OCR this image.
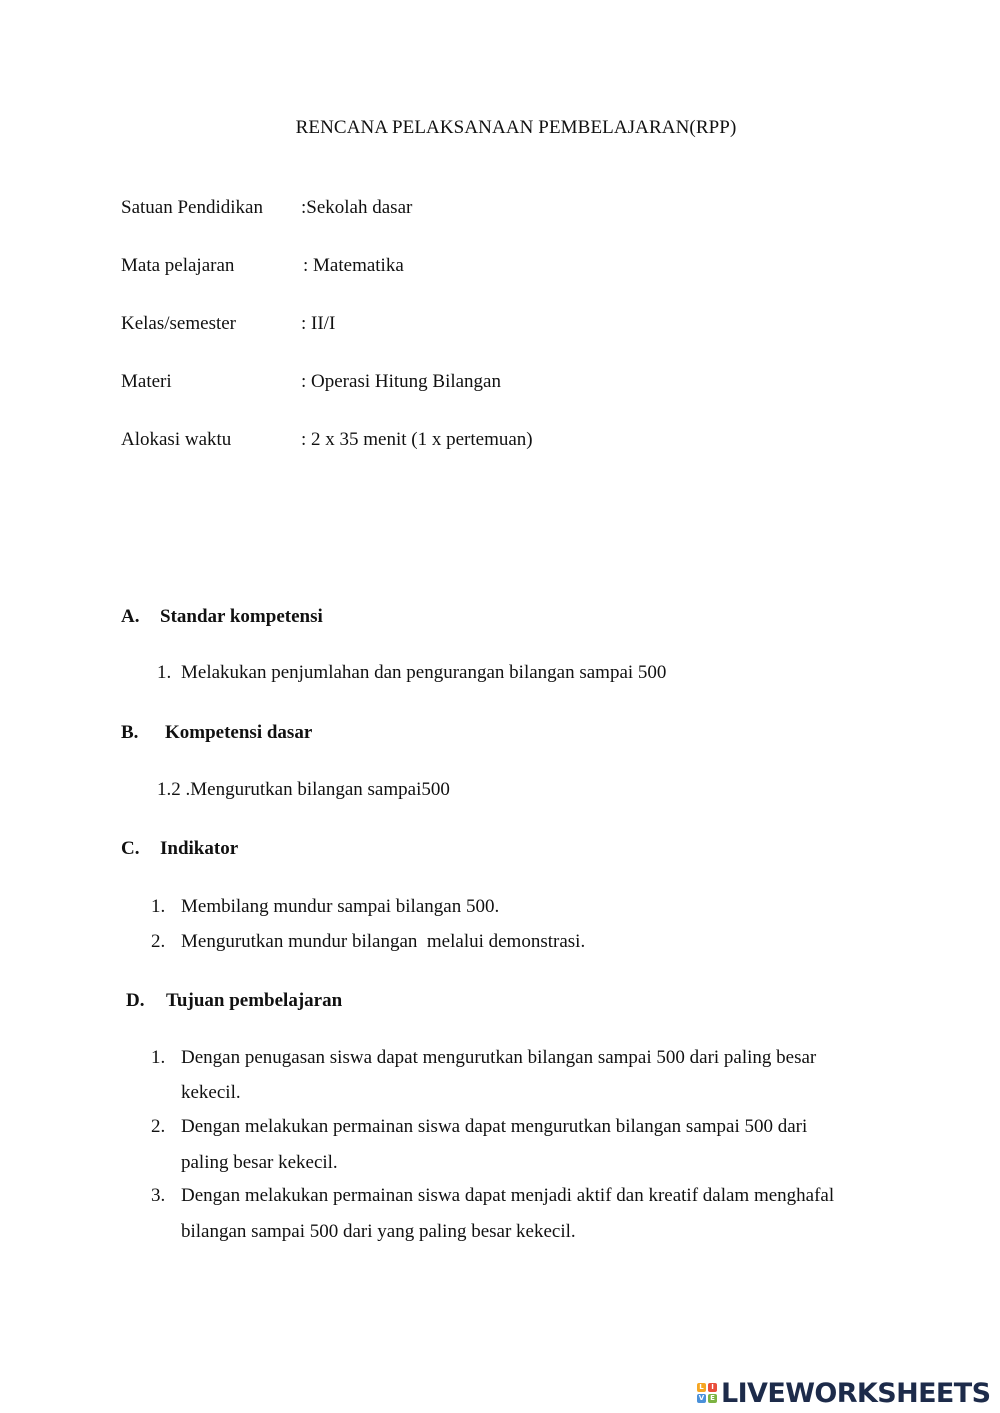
RENCANA PELAKSANAAN PEMBELAJARAN(RPP)
Satuan Pendidikan :Sekolah dasar
Mata pelajaran	: Matematika
Kelas/semester	: II/I
Materi	: Operasi Hitung Bilangan
Alokasi waktu	: 2 x 35 menit (1 x pertemuan)
A. Standar kompetensi
1. Melakukan penjumlahan dan pengurangan bilangan sampai 500
B. Kompetensi dasar
1.2 .Mengurutkan bilangan sampai500
C. Indikator
1. Membilang mundur sampai bilangan 500.
2. Mengurutkan mundur bilangan  melalui demonstrasi.
D. Tujuan pembelajaran
1. Dengan penugasan siswa dapat mengurutkan bilangan sampai 500 dari paling besar
kekecil.
2. Dengan melakukan permainan siswa dapat mengurutkan bilangan sampai 500 dari
paling besar kekecil.
3. Dengan melakukan permainan siswa dapat menjadi aktif dan kreatif dalam menghafal
bilangan sampai 500 dari yang paling besar kekecil.
L	I
V E LIVEWORKSHEETS
